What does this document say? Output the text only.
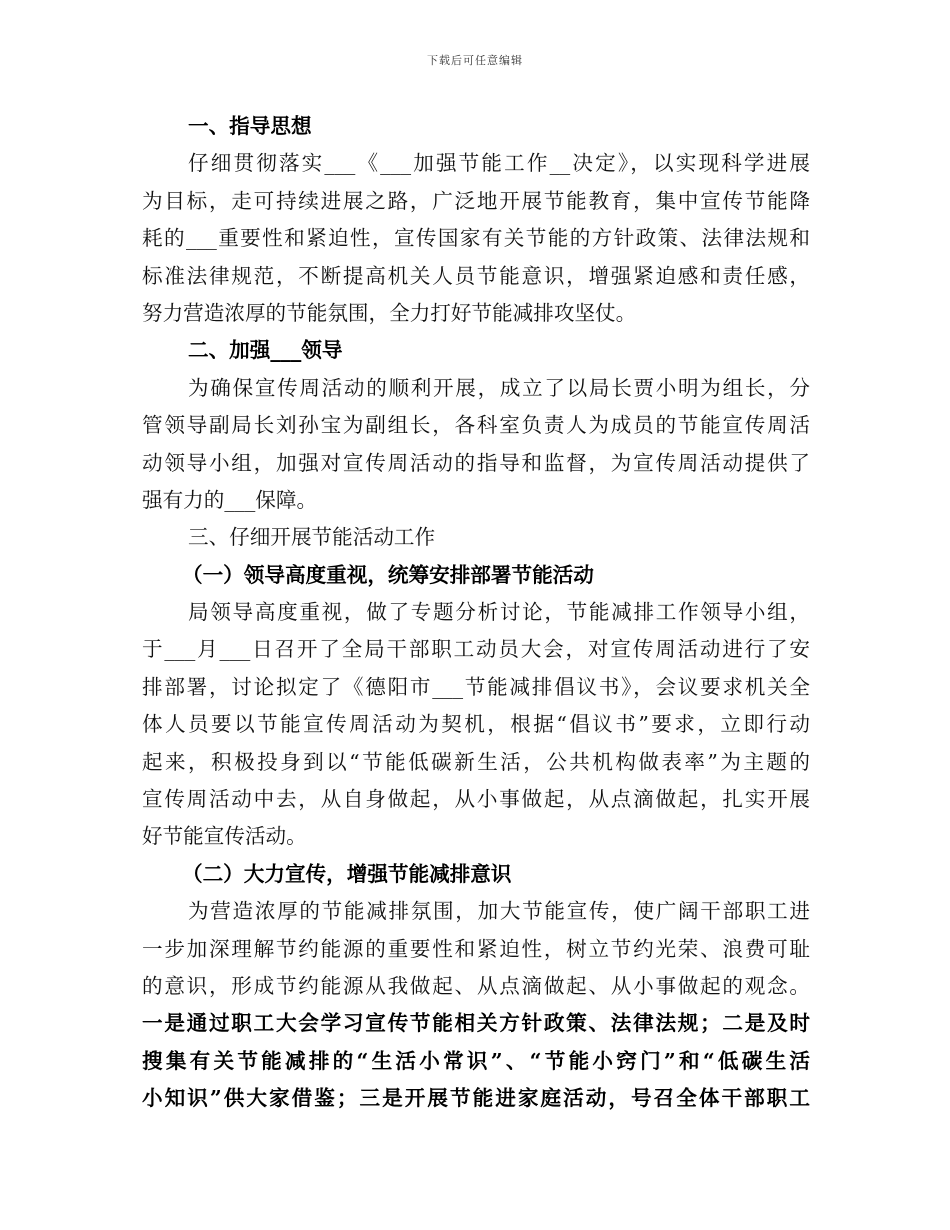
下载后可任意编辑
一、指导思想
仔细贯彻落实___《___加强节能工作__决定》，以实现科学进展
为目标，走可持续进展之路，广泛地开展节能教育，集中宣传节能降
耗的___重要性和紧迫性，宣传国家有关节能的方针政策、法律法规和
标准法律规范，不断提高机关人员节能意识，增强紧迫感和责任感，
努力营造浓厚的节能氛围，全力打好节能减排攻坚仗。
二、加强___领导
为确保宣传周活动的顺利开展，成立了以局长贾小明为组长，分
管领导副局长刘孙宝为副组长，各科室负责人为成员的节能宣传周活
动领导小组，加强对宣传周活动的指导和监督，为宣传周活动提供了
强有力的___保障。
三、仔细开展节能活动工作
（一）领导高度重视，统筹安排部署节能活动
局领导高度重视，做了专题分析讨论，节能减排工作领导小组，
于___月___日召开了全局干部职工动员大会，对宣传周活动进行了安
排部署，讨论拟定了《德阳市___节能减排倡议书》，会议要求机关全
体人员要以节能宣传周活动为契机，根据“倡议书”要求，立即行动
起来，积极投身到以“节能低碳新生活，公共机构做表率”为主题的
宣传周活动中去，从自身做起，从小事做起，从点滴做起，扎实开展
好节能宣传活动。
（二）大力宣传，增强节能减排意识
为营造浓厚的节能减排氛围，加大节能宣传，使广阔干部职工进
一步加深理解节约能源的重要性和紧迫性，树立节约光荣、浪费可耻
的意识，形成节约能源从我做起、从点滴做起、从小事做起的观念。
一是通过职工大会学习宣传节能相关方针政策、法律法规；二是及时
搜集有关节能减排的“生活小常识”、“节能小窍门”和“低碳生活
小知识”供大家借鉴；三是开展节能进家庭活动，号召全体干部职工
